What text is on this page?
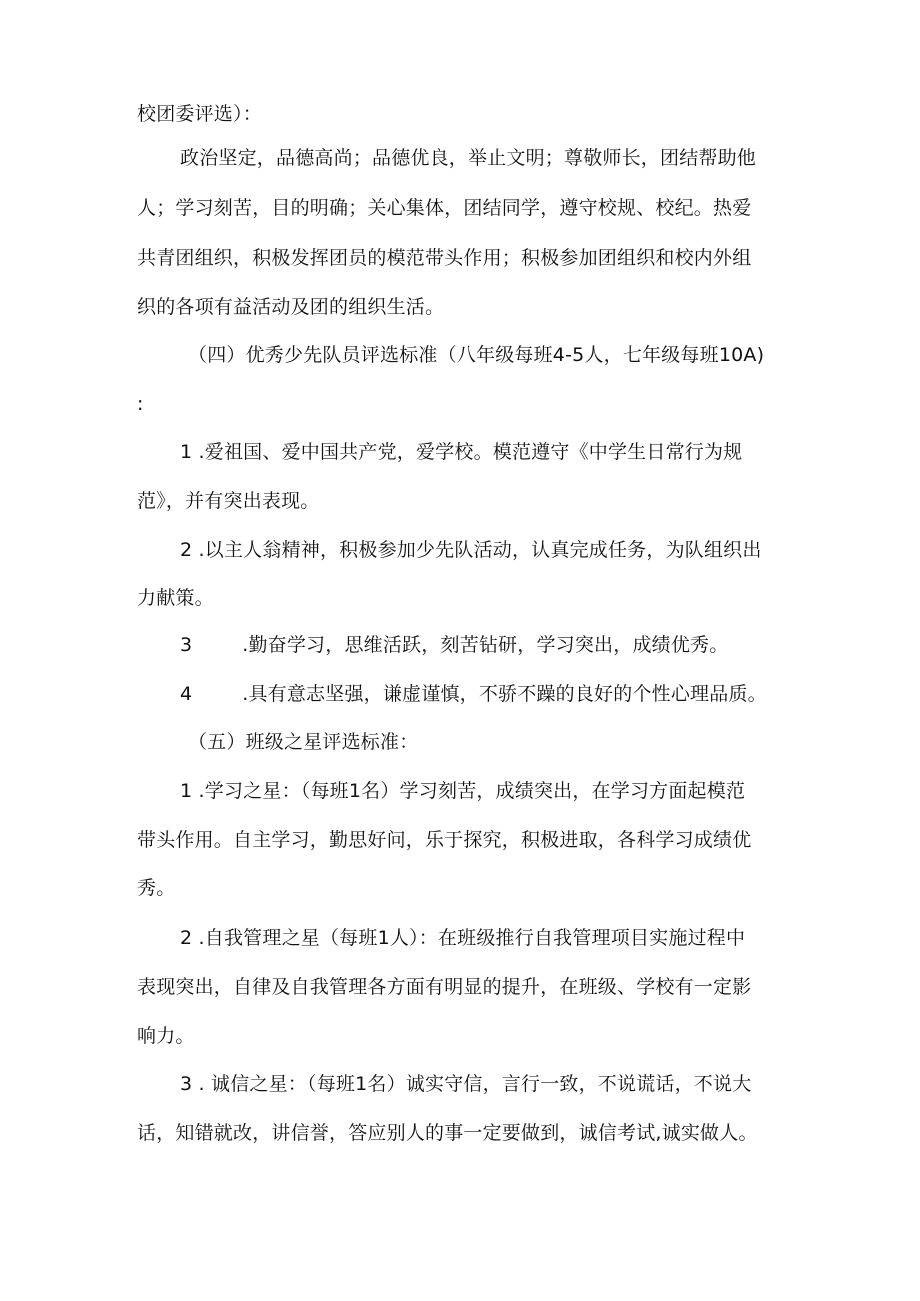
校团委评选）：
政治坚定，品德高尚；品德优良，举止文明；尊敬师长，团结帮助他
人；学习刻苦，目的明确；关心集体，团结同学，遵守校规、校纪。热爱
共青团组织，积极发挥团员的模范带头作用；积极参加团组织和校内外组
织的各项有益活动及团的组织生活。
（四）优秀少先队员评选标准（八年级每班4-5人，七年级每班10A)
:
1 .爱祖国、爱中国共产党，爱学校。模范遵守《中学生日常行为规
范》，并有突出表现。
2 .以主人翁精神，积极参加少先队活动，认真完成任务，为队组织出
力献策。
3        .勤奋学习，思维活跃，刻苦钻研，学习突出，成绩优秀。
4        .具有意志坚强，谦虚谨慎，不骄不躁的良好的个性心理品质。
（五）班级之星评选标准：
1 .学习之星：（每班1名）学习刻苦，成绩突出，在学习方面起模范
带头作用。自主学习，勤思好问，乐于探究，积极进取，各科学习成绩优
秀。
2 .自我管理之星（每班1人）：在班级推行自我管理项目实施过程中
表现突出，自律及自我管理各方面有明显的提升，在班级、学校有一定影
响力。
3 . 诚信之星：（每班1名）诚实守信，言行一致，不说谎话，不说大
话，知错就改，讲信誉，答应别人的事一定要做到，诚信考试,诚实做人。
